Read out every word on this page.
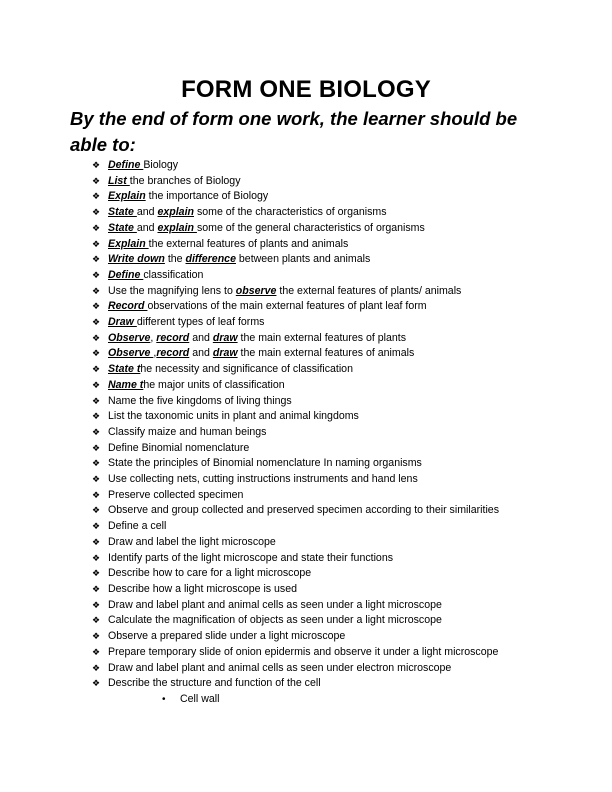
FORM ONE BIOLOGY
By the end of form one work, the learner should be able to:
❖ Define Biology
❖ List the branches of Biology
❖ Explain the importance of Biology
❖ State and explain some of the characteristics of organisms
❖ State and explain some of the general characteristics of organisms
❖ Explain the external features of plants and animals
❖ Write down the difference between plants and animals
❖ Define classification
❖ Use the magnifying lens to observe the external features of plants/ animals
❖ Record observations of the main external features of plant leaf form
❖ Draw different types of leaf forms
❖ Observe, record and draw the main external features of plants
❖ Observe ,record and draw the main external features of animals
❖ State the necessity and significance of classification
❖ Name the major units of classification
❖ Name the five kingdoms of living things
❖ List the taxonomic units in plant and animal kingdoms
❖ Classify maize and human beings
❖ Define Binomial nomenclature
❖ State the principles of Binomial nomenclature In naming organisms
❖ Use collecting nets, cutting instructions instruments and hand lens
❖ Preserve collected specimen
❖ Observe and group collected and preserved specimen according to their similarities
❖ Define a cell
❖ Draw and label the light microscope
❖ Identify parts of the light microscope and state their functions
❖ Describe how to care for a light microscope
❖ Describe how a light microscope is used
❖ Draw and label plant and animal cells as seen under a light microscope
❖ Calculate the magnification of objects as seen under a light microscope
❖ Observe a prepared slide under a light microscope
❖ Prepare temporary slide of onion epidermis and observe it under a light microscope
❖ Draw and label plant and animal cells as seen under electron microscope
❖ Describe the structure and function of the cell
• Cell wall
